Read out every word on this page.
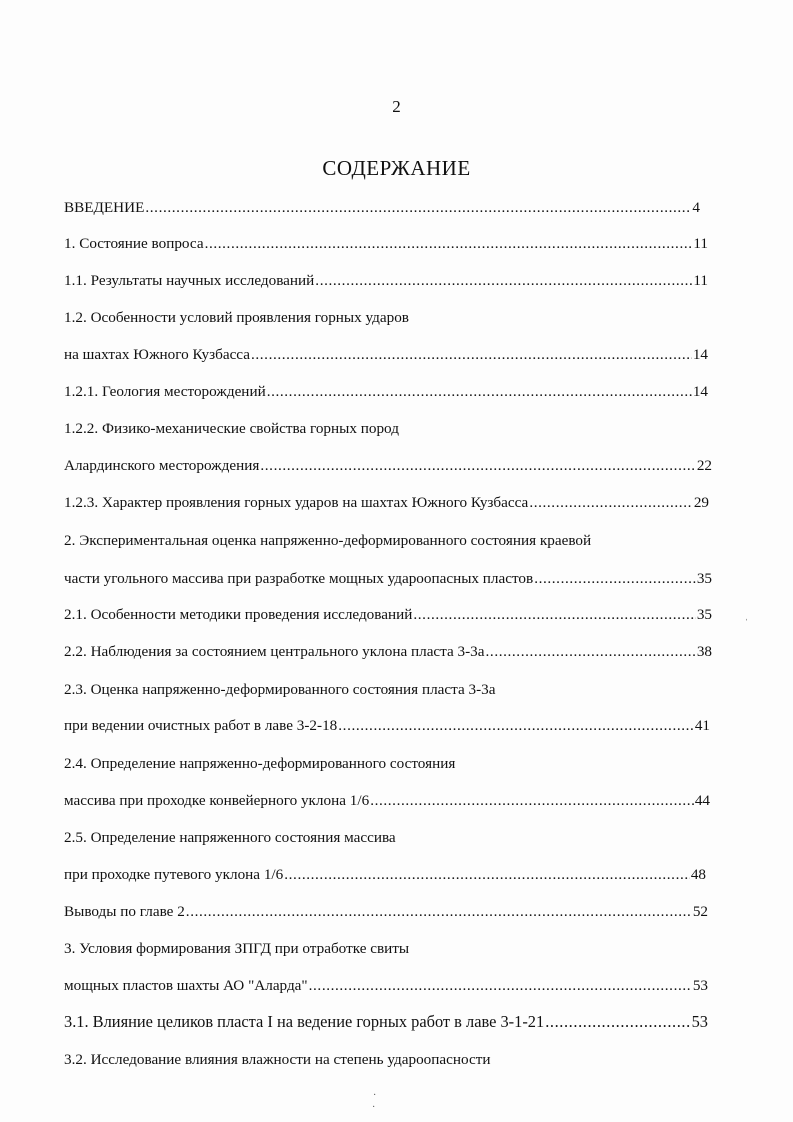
2
СОДЕРЖАНИЕ
ВВЕДЕНИЕ .....	4
1. Состояние вопроса .....	11
1.1. Результаты научных исследований .....	11
1.2. Особенности условий проявления горных ударов
на шахтах Южного Кузбасса .....	14
1.2.1. Геология месторождений .....	14
1.2.2. Физико-механические свойства горных пород
Алардинского месторождения .....	22
1.2.3. Характер проявления горных ударов на шахтах Южного Кузбасса .....	29
2. Экспериментальная оценка напряженно-деформированного состояния краевой
части угольного массива при разработке мощных удароопасных пластов .....	35
2.1. Особенности методики проведения исследований .....	35
2.2. Наблюдения за состоянием центрального уклона пласта 3-3а .....	38
2.3. Оценка напряженно-деформированного состояния пласта 3-3а
при ведении очистных работ в лаве 3-2-18 .....	41
2.4. Определение напряженно-деформированного состояния
массива при проходке конвейерного уклона 1/6 .....	44
2.5. Определение напряженного состояния массива
при проходке путевого уклона 1/6 .....	48
Выводы по главе 2 .....	52
3. Условия формирования ЗПГД при отработке свиты
мощных пластов шахты АО "Аларда" .....	53
3.1. Влияние целиков пласта I на ведение горных работ в лаве 3-1-21 .....	53
3.2. Исследование влияния влажности на степень удароопасности
ˌ
·
·
